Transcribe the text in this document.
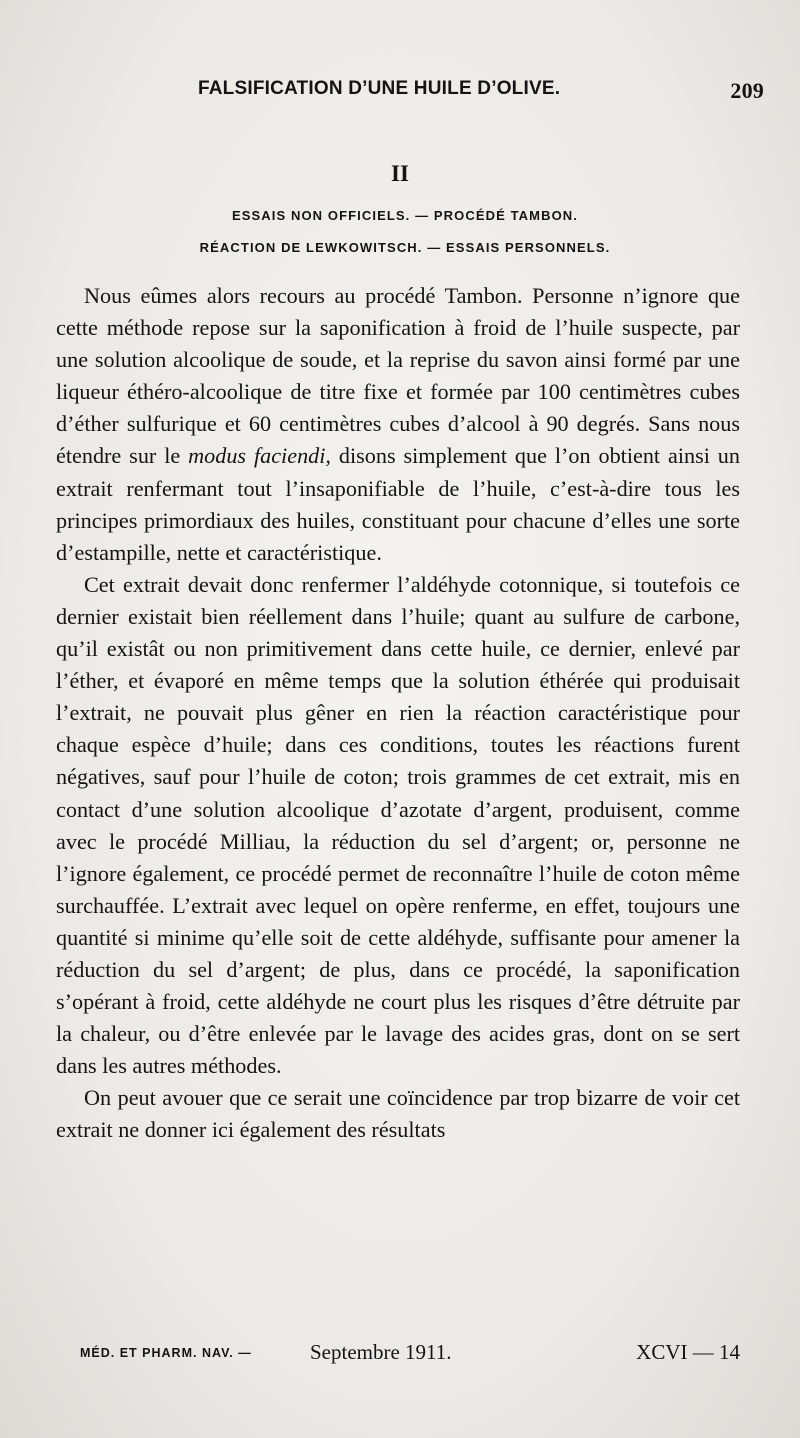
FALSIFICATION D’UNE HUILE D’OLIVE.	209
II
ESSAIS NON OFFICIELS. — PROCÉDÉ TAMBON.
RÉACTION DE LEWKOWITSCH. — ESSAIS PERSONNELS.

Nous eûmes alors recours au procédé Tambon. Personne n’ignore que cette méthode repose sur la saponification à froid de l’huile suspecte, par une solution alcoolique de soude, et la reprise du savon ainsi formé par une liqueur éthéro-alcoolique de titre fixe et formée par 100 centimètres cubes d’éther sulfurique et 60 centimètres cubes d’alcool à 90 degrés. Sans nous étendre sur le modus faciendi, disons simplement que l’on obtient ainsi un extrait renfermant tout l’insaponifiable de l’huile, c’est-à-dire tous les principes primordiaux des huiles, constituant pour chacune d’elles une sorte d’estampille, nette et caractéristique.

Cet extrait devait donc renfermer l’aldéhyde cotonnique, si toutefois ce dernier existait bien réellement dans l’huile; quant au sulfure de carbone, qu’il existât ou non primitivement dans cette huile, ce dernier, enlevé par l’éther, et évaporé en même temps que la solution éthérée qui produisait l’extrait, ne pouvait plus gêner en rien la réaction caractéristique pour chaque espèce d’huile; dans ces conditions, toutes les réactions furent négatives, sauf pour l’huile de coton; trois grammes de cet extrait, mis en contact d’une solution alcoolique d’azotate d’argent, produisent, comme avec le procédé Milliau, la réduction du sel d’argent; or, personne ne l’ignore également, ce procédé permet de reconnaître l’huile de coton même surchauffée. L’extrait avec lequel on opère renferme, en effet, toujours une quantité si minime qu’elle soit de cette aldéhyde, suffisante pour amener la réduction du sel d’argent; de plus, dans ce procédé, la saponification s’opérant à froid, cette aldéhyde ne court plus les risques d’être détruite par la chaleur, ou d’être enlevée par le lavage des acides gras, dont on se sert dans les autres méthodes.

On peut avouer que ce serait une coïncidence par trop bizarre de voir cet extrait ne donner ici également des résultats

MÉD. ET PHARM. NAV. —	Septembre 1911.	XCVI — 14
